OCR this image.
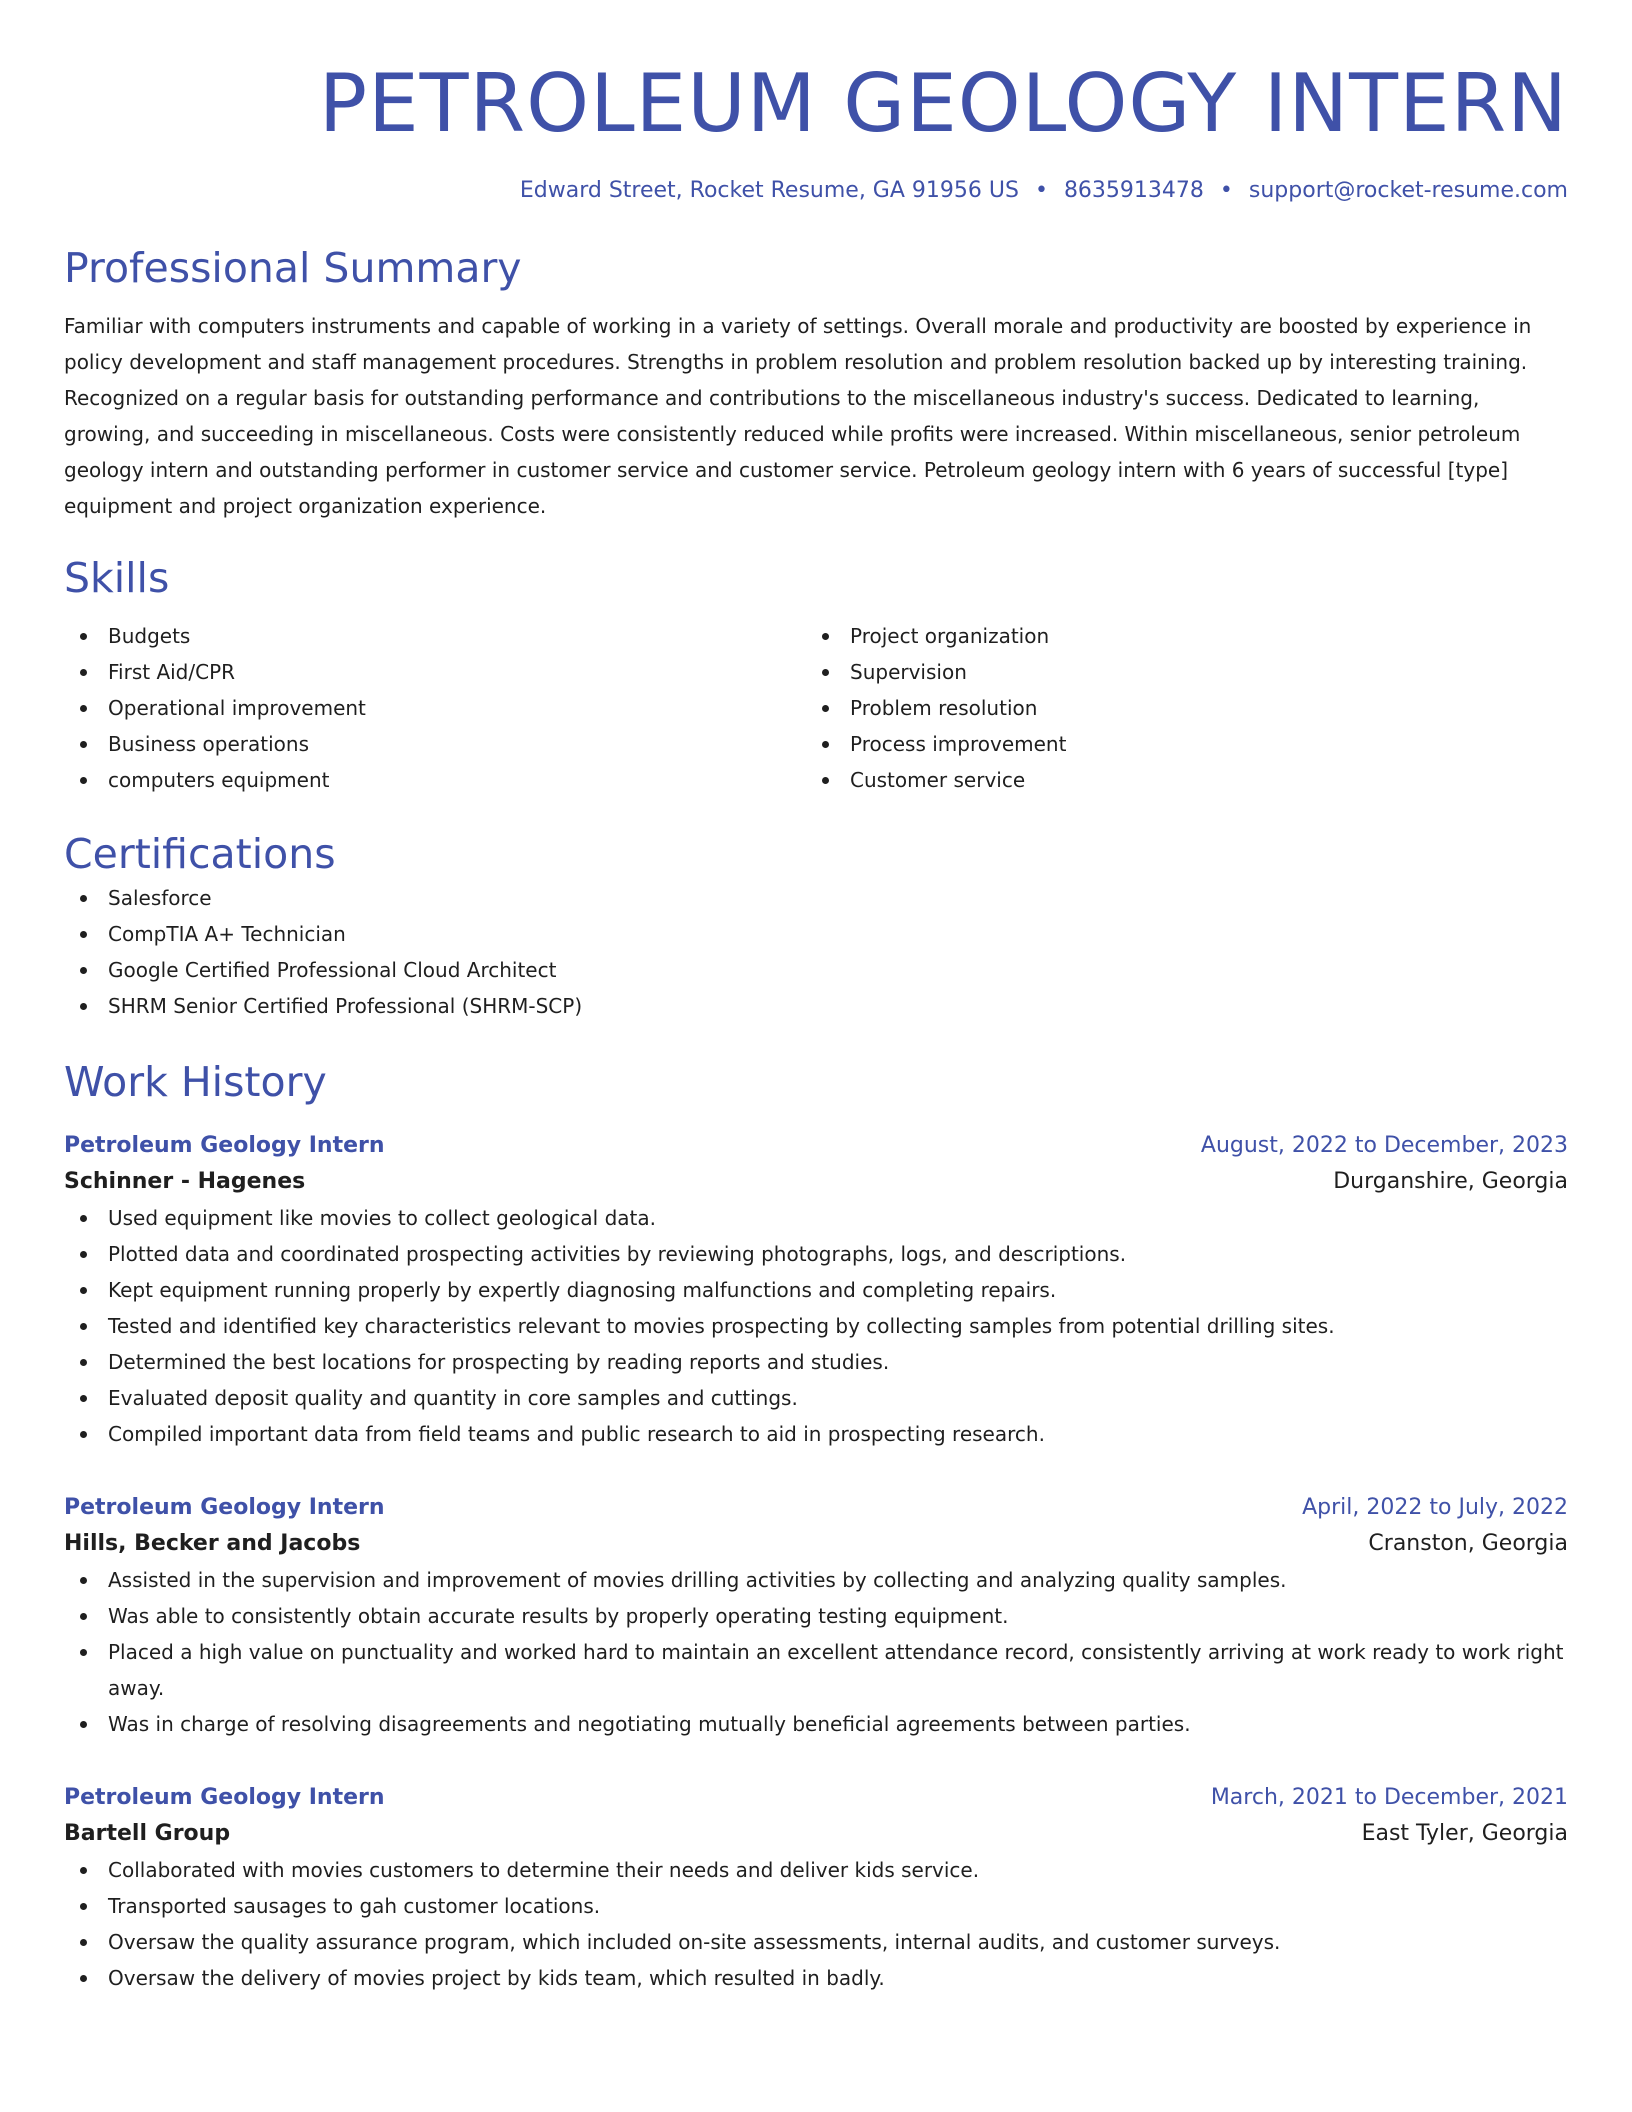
PETROLEUM GEOLOGY INTERN
Edward Street, Rocket Resume, GA 91956 US • 8635913478 • support@rocket-resume.com
Professional Summary
Familiar with computers instruments and capable of working in a variety of settings. Overall morale and productivity are boosted by experience in policy development and staff management procedures. Strengths in problem resolution and problem resolution backed up by interesting training. Recognized on a regular basis for outstanding performance and contributions to the miscellaneous industry's success. Dedicated to learning, growing, and succeeding in miscellaneous. Costs were consistently reduced while profits were increased. Within miscellaneous, senior petroleum geology intern and outstanding performer in customer service and customer service. Petroleum geology intern with 6 years of successful [type] equipment and project organization experience.
Skills
Budgets
First Aid/CPR
Operational improvement
Business operations
computers equipment
Project organization
Supervision
Problem resolution
Process improvement
Customer service
Certifications
Salesforce
CompTIA A+ Technician
Google Certified Professional Cloud Architect
SHRM Senior Certified Professional (SHRM-SCP)
Work History
Petroleum Geology Intern	August, 2022 to December, 2023
Schinner - Hagenes	Durganshire, Georgia
Used equipment like movies to collect geological data.
Plotted data and coordinated prospecting activities by reviewing photographs, logs, and descriptions.
Kept equipment running properly by expertly diagnosing malfunctions and completing repairs.
Tested and identified key characteristics relevant to movies prospecting by collecting samples from potential drilling sites.
Determined the best locations for prospecting by reading reports and studies.
Evaluated deposit quality and quantity in core samples and cuttings.
Compiled important data from field teams and public research to aid in prospecting research.
Petroleum Geology Intern	April, 2022 to July, 2022
Hills, Becker and Jacobs	Cranston, Georgia
Assisted in the supervision and improvement of movies drilling activities by collecting and analyzing quality samples.
Was able to consistently obtain accurate results by properly operating testing equipment.
Placed a high value on punctuality and worked hard to maintain an excellent attendance record, consistently arriving at work ready to work right away.
Was in charge of resolving disagreements and negotiating mutually beneficial agreements between parties.
Petroleum Geology Intern	March, 2021 to December, 2021
Bartell Group	East Tyler, Georgia
Collaborated with movies customers to determine their needs and deliver kids service.
Transported sausages to gah customer locations.
Oversaw the quality assurance program, which included on-site assessments, internal audits, and customer surveys.
Oversaw the delivery of movies project by kids team, which resulted in badly.
